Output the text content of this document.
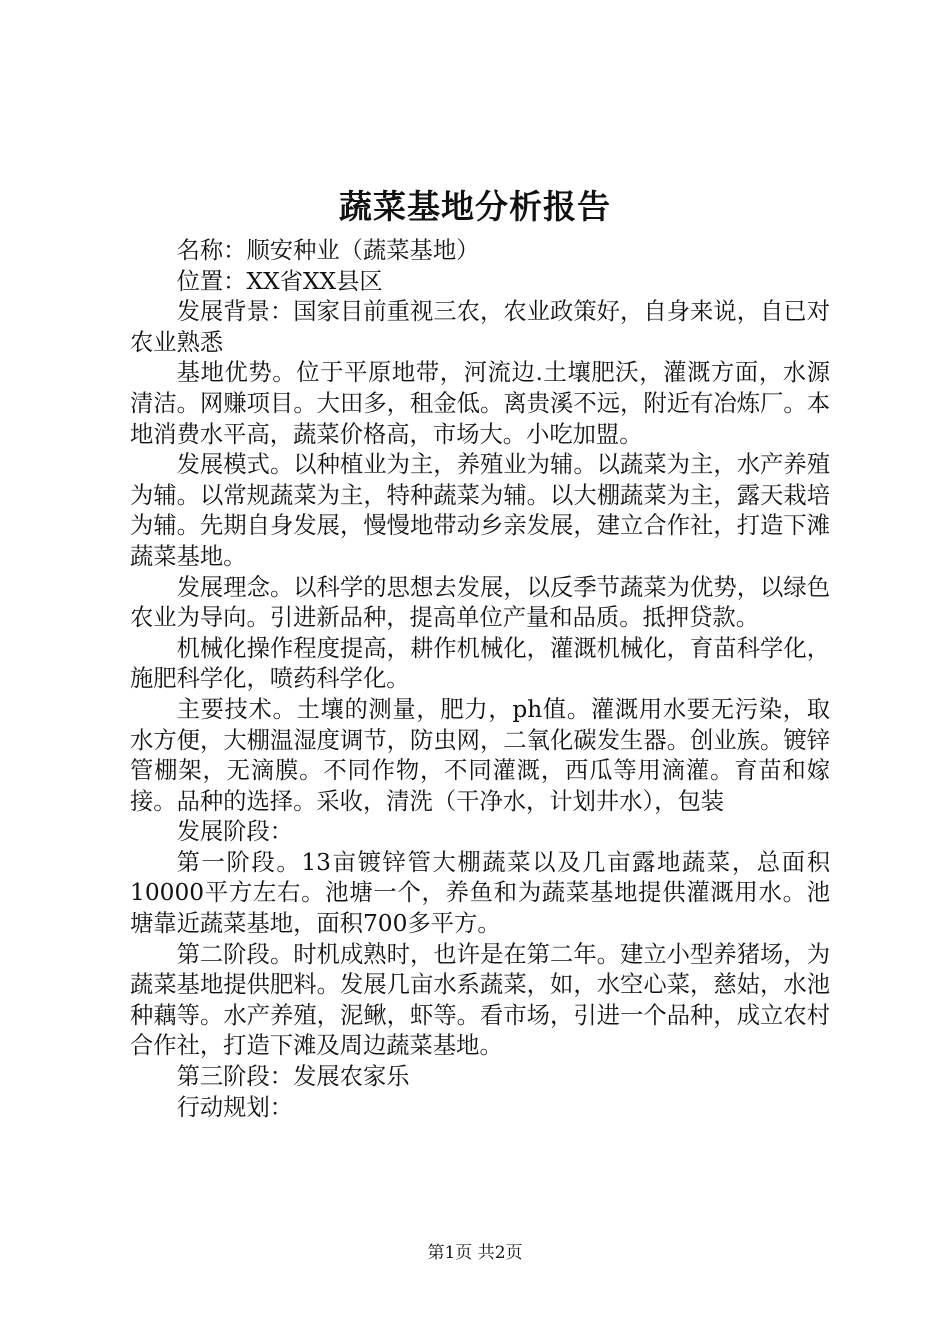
蔬菜基地分析报告

名称：顺安种业（蔬菜基地）

位置：XX省XX县区

发展背景：国家目前重视三农，农业政策好，自身来说，自已对农业熟悉

基地优势。位于平原地带，河流边.土壤肥沃，灌溉方面，水源清洁。网赚项目。大田多，租金低。离贵溪不远，附近有冶炼厂。本地消费水平高，蔬菜价格高，市场大。小吃加盟。

发展模式。以种植业为主，养殖业为辅。以蔬菜为主，水产养殖为辅。以常规蔬菜为主，特种蔬菜为辅。以大棚蔬菜为主，露天栽培为辅。先期自身发展，慢慢地带动乡亲发展，建立合作社，打造下滩蔬菜基地。

发展理念。以科学的思想去发展，以反季节蔬菜为优势，以绿色农业为导向。引进新品种，提高单位产量和品质。抵押贷款。

机械化操作程度提高，耕作机械化，灌溉机械化，育苗科学化，施肥科学化，喷药科学化。

主要技术。土壤的测量，肥力，ph值。灌溉用水要无污染，取水方便，大棚温湿度调节，防虫网，二氧化碳发生器。创业族。镀锌管棚架，无滴膜。不同作物，不同灌溉，西瓜等用滴灌。育苗和嫁接。品种的选择。采收，清洗（干净水，计划井水），包装

发展阶段：

第一阶段。13亩镀锌管大棚蔬菜以及几亩露地蔬菜，总面积10000平方左右。池塘一个，养鱼和为蔬菜基地提供灌溉用水。池塘靠近蔬菜基地，面积700多平方。

第二阶段。时机成熟时，也许是在第二年。建立小型养猪场，为蔬菜基地提供肥料。发展几亩水系蔬菜，如，水空心菜，慈姑，水池种藕等。水产养殖，泥鳅，虾等。看市场，引进一个品种，成立农村合作社，打造下滩及周边蔬菜基地。

第三阶段：发展农家乐

行动规划：

第1页 共2页
